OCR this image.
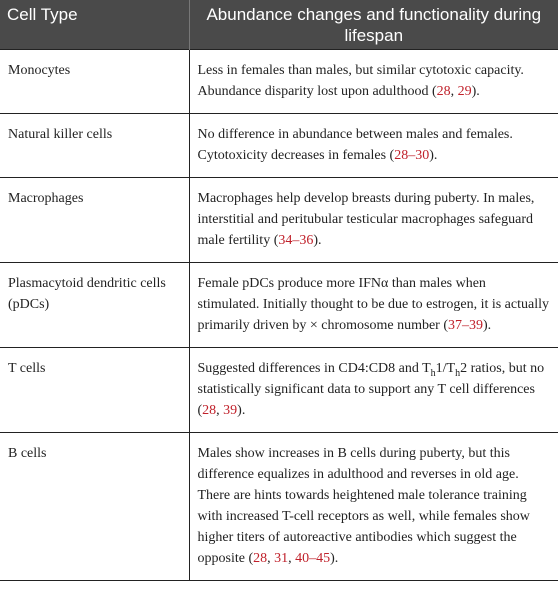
Cell Type	Abundance changes and functionality during lifespan
Monocytes	Less in females than males, but similar cytotoxic capacity. Abundance disparity lost upon adulthood (28, 29).
Natural killer cells	No difference in abundance between males and females. Cytotoxicity decreases in females (28–30).
Macrophages	Macrophages help develop breasts during puberty. In males, interstitial and peritubular testicular macrophages safeguard male fertility (34–36).
Plasmacytoid dendritic cells (pDCs)	Female pDCs produce more IFNα than males when stimulated. Initially thought to be due to estrogen, it is actually primarily driven by × chromosome number (37–39).
T cells	Suggested differences in CD4:CD8 and $T_h1/T_h2$ ratios, but no statistically significant data to support any T cell differences (28, 39).
B cells	Males show increases in B cells during puberty, but this difference equalizes in adulthood and reverses in old age. There are hints towards heightened male tolerance training with increased T-cell receptors as well, while females show higher titers of autoreactive antibodies which suggest the opposite (28, 31, 40–45).
